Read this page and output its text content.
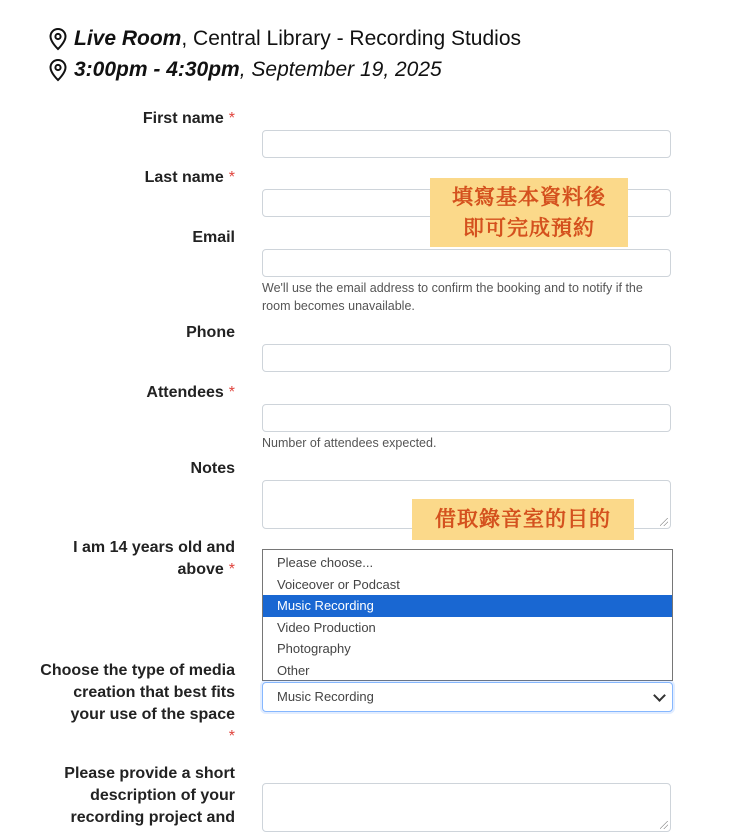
Live Room , Central Library - Recording Studios
3:00pm - 4:30pm , September 19, 2025
First name *
Last name *
Email
We'll use the email address to confirm the booking and to notify if the room becomes unavailable.
Phone
Attendees *
Number of attendees expected.
Notes
I am 14 years old and above *	Please choose...
Voiceover or Podcast
Music Recording
Video Production
Photography
Other
Choose the type of media creation that best fits your use of the space
*
Music Recording
Please provide a short description of your recording project and
填寫基本資料後
即可完成預約
借取錄音室的目的
